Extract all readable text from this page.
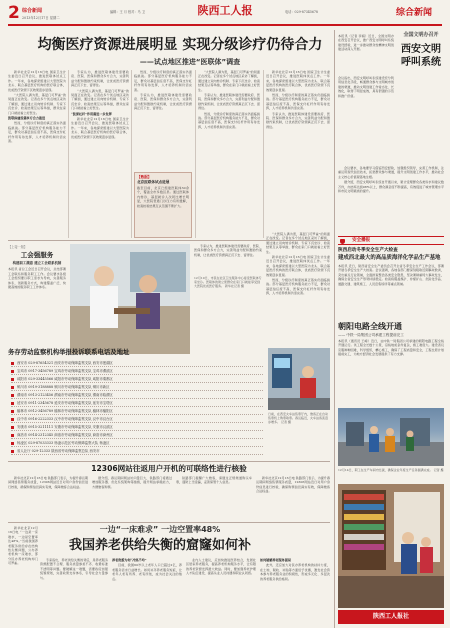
2 综合新闻
2013年12月17日 星期二
编辑：王 月 校对：马 卫	陕西工人报	电话：029-87345678	综合新闻
均衡医疗资源进展明显 实现分级诊疗仍待合力
——试点地区推进“医联体”调查

新华社北京12月16日电 国家卫生计生委近日召开会议，推进医联体试点工作。一年来，各地探索组建以大型医院为龙头、联合基层医疗机构的医疗联合体，优质医疗资源下沉效果逐步显现。

“大医院人满为患，基层门可罗雀”的局面正在改变。记者在多个试点地区采访了解到，通过建立双向转诊机制、专家下沉坐诊、检查结果互认等举措，群众在家门口就能看上好医生。

医联体建设需多方合力推进

然而，分级诊疗制度的真正落实仍面临挑战。部分基层医疗机构服务能力不足，群众对基层信任度不高，医保支付杠杆作用有待发挥，人才培养机制仍需完善。

专家认为，推进医联体建设需要政府、医院、医保和群众多方合力，完善利益分配和激励约束机制，让优质医疗资源真正沉下去、留得住。

“大医院人满为患，基层门可罗雀”的局面正在改变。记者在多个试点地区采访了解到，通过建立双向转诊机制、专家下沉坐诊、检查结果互认等举措，群众在家门口就能看上好医生。

“医保杠杆”作用需进一步发挥

新华社北京12月16日电 国家卫生计生委近日召开会议，推进医联体试点工作。一年来，各地探索组建以大型医院为龙头、联合基层医疗机构的医疗联合体，优质医疗资源下沉效果逐步显现。

然而，分级诊疗制度的真正落实仍面临挑战。部分基层医疗机构服务能力不足，群众对基层信任度不高，医保支付杠杆作用有待发挥，人才培养机制仍需完善。

专家认为，推进医联体建设需要政府、医院、医保和群众多方合力，完善利益分配和激励约束机制，让优质医疗资源真正沉下去、留得住。

【数据】
北京医联体试点进展
截至目前，北京已组建医联体30余个，覆盖全市多数区县。通过医联体内转诊，基层就诊人次同比增长明显，大医院普通门诊压力有所缓解，检查检验结果互认范围不断扩大。

“大医院人满为患，基层门可罗雀”的局面正在改变。记者在多个试点地区采访了解到，通过建立双向转诊机制、专家下沉坐诊、检查结果互认等举措，群众在家门口就能看上好医生。

专家认为，推进医联体建设需要政府、医院、医保和群众多方合力，完善利益分配和激励约束机制，让优质医疗资源真正沉下去、留得住。

然而，分级诊疗制度的真正落实仍面临挑战。部分基层医疗机构服务能力不足，群众对基层信任度不高，医保支付杠杆作用有待发挥，人才培养机制仍需完善。

新华社北京12月16日电 国家卫生计生委近日召开会议，推进医联体试点工作。一年来，各地探索组建以大型医院为龙头、联合基层医疗机构的医疗联合体，优质医疗资源下沉效果逐步显现。

然而，分级诊疗制度的真正落实仍面临挑战。部分基层医疗机构服务能力不足，群众对基层信任度不高，医保支付杠杆作用有待发挥，人才培养机制仍需完善。

专家认为，推进医联体建设需要政府、医院、医保和群众多方合力，完善利益分配和激励约束机制，让优质医疗资源真正沉下去、留得住。

本报讯（记者 李娟）近日，全国文明办在西安召开会议，推广西安文明呼叫系统建设经验，进一步推动群众性精神文明创建活动深入开展。
会议指出，西安文明呼叫系统建设充分利用信息化手段，畅通群众参与文明城市创建的渠道，推动文明创建工作常态化、长效化，取得了明显成效，具有很强的示范和推广价值。
全国文明办召开
西安文明
呼叫系统

会议要求，各地要学习借鉴西安经验，加强组织领导，完善工作机制，注重运用现代信息技术，拓宽群众参与渠道，提升文明创建工作水平，推动社会主义核心价值观落地生根。

据介绍，西安文明呼叫系统自开通以来，累计受理群众各类诉求和建议数万件，办结率达到98%以上，群众满意度不断提高，有效促进了城市管理水平和市民文明素质的提升。

$^{安全播报}$
陕西启动冬季安全生产大检查
建成西北最大的高品质海洋化学品生产基地
本报讯 近日，陕西省安全生产委员会召开全省冬季安全生产工作会议，部署开展冬季安全生产大检查。会议强调，各地各部门要深刻吸取近期事故教训，突出重点行业领域，全面排查整治各类安全隐患，坚决遏制重特大事故发生，确保全省安全生产形势持续稳定。检查将覆盖煤矿、非煤矿山、危险化学品、道路交通、建筑施工、人员密集场所等重点领域。
朝阳电路全线开通
—— 中铁一局集团公司承建工程提前完工
本报讯（通讯员 王峰）近日，由中铁一局集团公司承建的朝阳电路工程全线开通运行。该工程全长数十公里，沿线地质条件复杂，施工难度大。建设者们克服种种困难，科学组织，精心施工，确保了工程质量和安全，工程比原计划提前完工，为地方经济社会发展提供了有力支撑。
12月14日，职工在生产车间内忙碌，确保企业年度生产任务圆满完成。 记者 摄
陕西工人报社
【上接一版】
工会强服务
构建职工满意 建立工会联系机制
本报讯 省总工会近日召开会议，总结部署工会联系和服务职工工作。会议要求各级工会组织要以职工需求为导向，完善服务体系，创新服务方式，构建覆盖广泛、快捷高效的服务职工工作体系。
12月10日，市民在社区卫生服务中心接受医联体专家坐诊。医联体的建立使群众在家门口就能享受到大医院优质医疗服务。 新华社记者 摄

“大医院人满为患，基层门可罗雀”的局面正在改变。记者在多个试点地区采访了解到，通过建立双向转诊机制、专家下沉坐诊、检查结果互认等举措，群众在家门口就能看上好医生。

新华社北京12月16日电 国家卫生计生委近日召开会议，推进医联体试点工作。一年来，各地探索组建以大型医院为龙头、联合基层医疗机构的医疗联合体，优质医疗资源下沉效果逐步显现。

然而，分级诊疗制度的真正落实仍面临挑战。部分基层医疗机构服务能力不足，群众对基层信任度不高，医保支付杠杆作用有待发挥，人才培养机制仍需完善。

专家认为，推进医联体建设需要政府、医院、医保和群众多方合力，完善利益分配和激励约束机制，让优质医疗资源真正沉下去、留得住。

务存劳动监察机构举报投诉联系电话及地址
西安市 029-87654321 西安市劳动保障监察支队 西安市莲湖区
宝鸡市 0917-3456789 宝鸡市劳动保障监察支队 宝鸡市渭滨区
咸阳市 029-33445566 咸阳市劳动保障监察支队 咸阳市秦都区
铜川市 0919-3188888 铜川市劳动保障监察支队 铜川市新区
渭南市 0913-2123456 渭南市劳动保障监察支队 渭南市临渭区
延安市 0911-2345678 延安市劳动保障监察支队 延安市宝塔区
榆林市 0912-3456789 榆林市劳动保障监察支队 榆林市榆阳区
汉中市 0916-2222333 汉中市劳动保障监察支队 汉中市汉台区
安康市 0915-3211111 安康市劳动保障监察支队 安康市汉滨区
商洛市 0914-2312345 商洛市劳动保障监察支队 商洛市商州区
杨凌区 029-87033333 杨凌示范区劳动保障监察大队 杨凌区
省人社厅 029-12333 陕西省劳动保障监察总队 西安市
日前，在西安火车站售票厅内，旅客正在自动售票机上购票取票。春运临近，火车站客流逐步增多。 记者 摄
12306网站往返用户开机的可联络性进行核验

新华社北京12月16日电 铁路部门表示，为提升春运期间网络售票服务质量，12306网站近日对用户身份信息进行核验，确保购票信息真实有效，保障旅客合法权益。

据介绍，春运期间网站访问量巨大，铁路部门将通过增加服务器、优化系统架构等措施，提升网站承载能力，方便旅客购票。

铁路部门提醒广大旅客，请通过正规渠道购买车票，谨防上当受骗，妥善保管个人信息。

新华社北京12月16日电 铁路部门表示，为提升春运期间网络售票服务质量，12306网站近日对用户身份信息进行核验，确保购票信息真实有效，保障旅客合法权益。

一边“一床难求” 一边空置率48%
我国养老供给失衡的窟窿如何补

新华社北京12月16日电 “一边是一床难求，一边是空置率达48%。”当前我国养老服务供给存在结构性失衡问题，公办养老机构一床难求，部分民办养老机构却门可罗雀。

专家指出，养老供给失衡的背后，是养老服务资源配置不合理、服务质量参差不齐、收费标准不透明等问题。要破解这一难题，需要政府加强统筹规划，完善政策支持体系，引导社会力量参与。

养老资源为何“冷热不均”

目前，我国60岁以上老年人口已超过2亿，养老服务需求日益增长。如何补齐养老服务短板，让老年人老有所养、老有所依，成为社会关注的焦点。

业内人士建议，应加快推进医养结合，发展社区居家养老服务，提高养老机构服务水平，让有限的养老资源发挥最大效益。同时，要加强养老护理人才队伍建设，提高从业人员待遇和职业认同感。

如何破解养老服务困局

此外，还应加大对民办养老机构的扶持力度，在土地、税收、补贴等方面给予优惠，激发社会资本参与养老服务业的积极性，形成多元化、多层次的养老服务供给格局。
